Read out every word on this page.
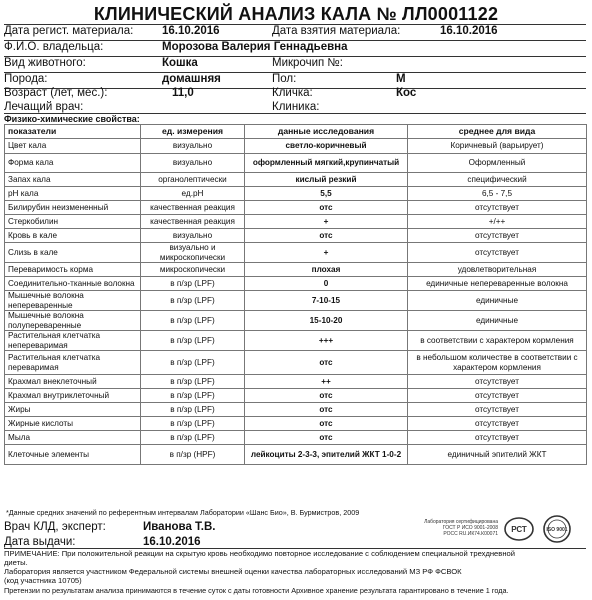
КЛИНИЧЕСКИЙ АНАЛИЗ КАЛА № ЛЛ0001122
Дата регист. материала: 16.10.2016	Дата взятия материала:	16.10.2016
Ф.И.О. владельца:	Морозова Валерия Геннадьевна
Вид животного:	Кошка	Микрочип №:
Порода:	домашняя	Пол:	М
Возраст (лет, мес.):	11,0	Кличка:	Кос
Лечащий врач:	Клиника:
Физико-химические свойства:
показатели	ед. измерения	данные исследования	среднее для вида
Цвет кала	визуально	светло-коричневый	Коричневый (варьирует)
Форма кала	визуально	оформленный мягкий,крупинчатый	Оформленный
Запах кала	органолептически	кислый резкий	специфический
pH кала	ед.pH	5,5	6,5 - 7,5
Билирубин неизмененный	качественная реакция	отс	отсутствует
Стеркобилин	качественная реакция	+	+/++
Кровь в кале	визуально	отс	отсутствует
Слизь в кале	визуально и микроскопически	+	отсутствует
Переваримость корма	микроскопически	плохая	удовлетворительная
Соединительно-тканные волокна	в п/зр (LPF)	0	единичные непереваренные волокна
Мышечные волокна непереваренные	в п/зр (LPF)	7-10-15	единичные
Мышечные волокна полупереваренные	в п/зр (LPF)	15-10-20	единичные
Растительная клетчатка непереваримая	в п/зр (LPF)	+++	в соответствии с характером кормления
Растительная клетчатка переваримая	в п/зр (LPF)	отс	в небольшом количестве в соответствии с характером кормления
Крахмал внеклеточный	в п/зр (LPF)	++	отсутствует
Крахмал внутриклеточный	в п/зр (LPF)	отс	отсутствует
Жиры	в п/зр (LPF)	отс	отсутствует
Жирные кислоты	в п/зр (LPF)	отс	отсутствует
Мыла	в п/зр (LPF)	отс	отсутствует
Клеточные элементы	в п/зр (HPF)	лейкоциты 2-3-3, эпителий ЖКТ 1-0-2	единичный эпителий ЖКТ
*Данные средних значений по референтным интервалам Лаборатории «Шанс Био», В. Бурмистров, 2009
Врач КЛД, эксперт:	Иванова Т.В.
Дата выдачи:	16.10.2016
ПРИМЕЧАНИЕ: При положительной реакции на скрытую кровь необходимо повторное исследование с соблюдением специальной трехдневной
диеты.
Лаборатория является участником Федеральной системы внешней оценки качества лабораторных исследований МЗ РФ ФСВОК
(код участника 10705)
Претензии по результатам анализа принимаются в течение суток с даты готовности Архивное хранение результата гарантировано в течение 1 года.
Лаборатория сертифицирована
ГОСТ Р ИСО 9001-2008
РОСС RU.ИК74.К00071 РСТ	ISO 9001
